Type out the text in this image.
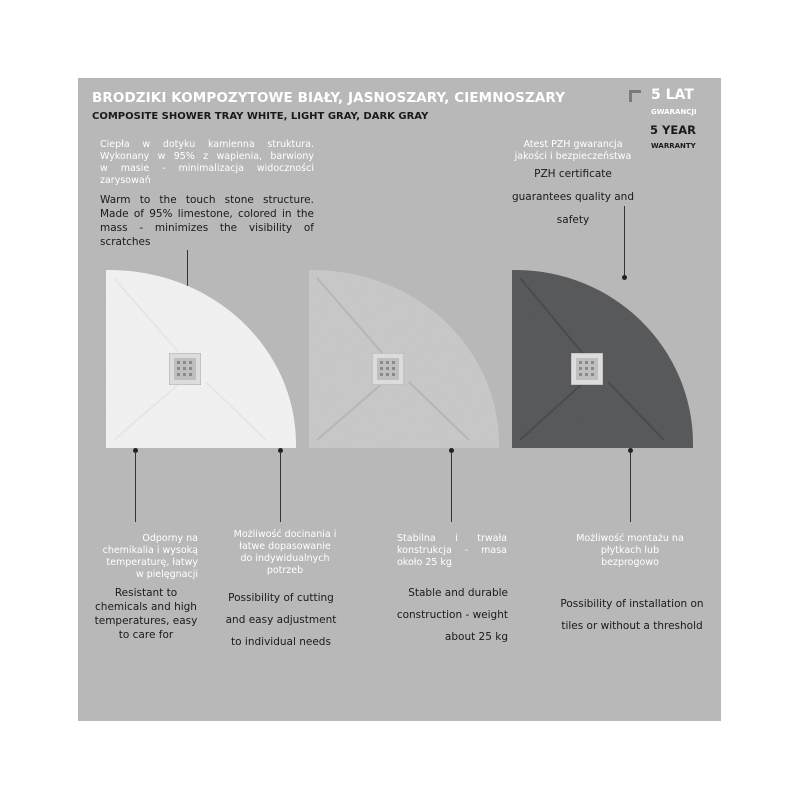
BRODZIKI KOMPOZYTOWE BIAŁY, JASNOSZARY, CIEMNOSZARY
COMPOSITE SHOWER TRAY WHITE, LIGHT GRAY, DARK GRAY
5 LAT
GWARANCJI
5 YEAR
WARRANTY
Ciepła w dotyku kamienna struktura.
Wykonany w 95% z wapienia, barwiony
w masie - minimalizacja widoczności
zarysowań
Warm to the touch stone structure.
Made of 95% limestone, colored in the
mass - minimizes the visibility of
scratches
Atest PZH gwarancja
jakości i bezpieczeństwa
PZH certificate
guarantees quality and
safety
Odporny na
chemikalia i wysoką
temperaturę, łatwy
w pielęgnacji
Resistant to
chemicals and high
temperatures, easy
to care for
Możliwość docinania i
łatwe dopasowanie
do indywidualnych
potrzeb
Possibility of cutting
and easy adjustment
to individual needs
Stabilna i trwała
konstrukcja - masa
około 25 kg
Stable and durable
construction - weight
about 25 kg
Możliwość montażu na
płytkach lub
bezprogowo
Possibility of installation on
tiles or without a threshold
